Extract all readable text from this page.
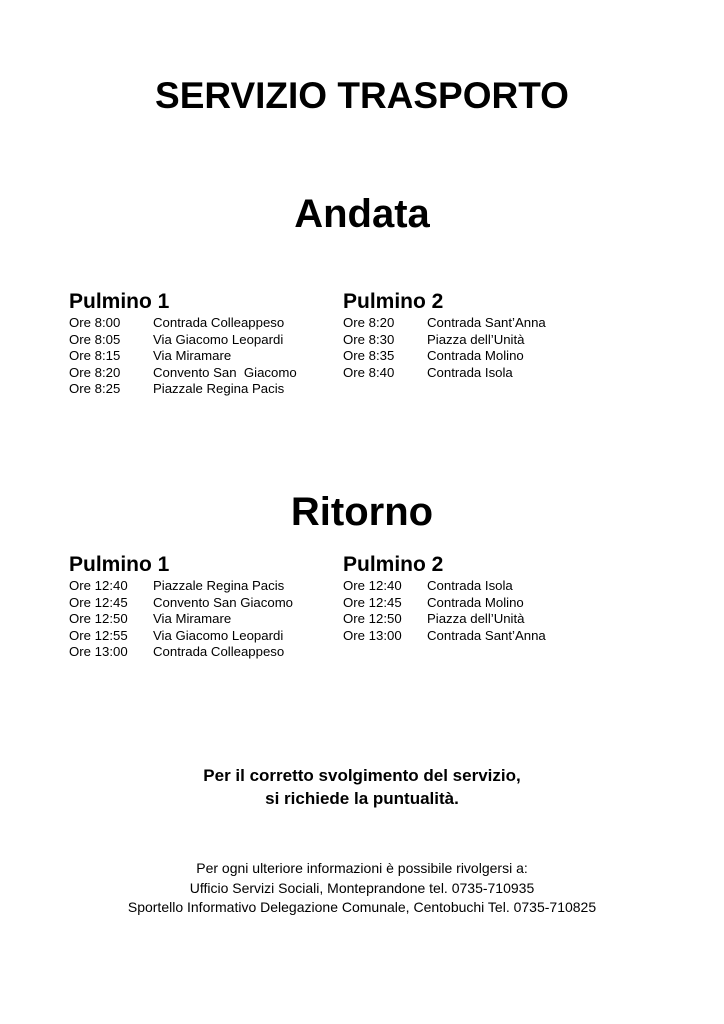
SERVIZIO TRASPORTO
Andata
Pulmino 1
Ore 8:00	Contrada Colleappeso
Ore 8:05	Via Giacomo Leopardi
Ore 8:15	Via Miramare
Ore 8:20	Convento San  Giacomo
Ore 8:25	Piazzale Regina Pacis
Pulmino 2
Ore 8:20	Contrada Sant’Anna
Ore 8:30	Piazza dell’Unità
Ore 8:35	Contrada Molino
Ore 8:40	Contrada Isola
Ritorno
Pulmino 1
Ore 12:40	Piazzale Regina Pacis
Ore 12:45	Convento San Giacomo
Ore 12:50	Via Miramare
Ore 12:55	Via Giacomo Leopardi
Ore 13:00	Contrada Colleappeso
Pulmino 2
Ore 12:40	Contrada Isola
Ore 12:45	Contrada Molino
Ore 12:50	Piazza dell’Unità
Ore 13:00	Contrada Sant’Anna
Per il corretto svolgimento del servizio,
si richiede la puntualità.
Per ogni ulteriore informazioni è possibile rivolgersi a:
Ufficio Servizi Sociali, Monteprandone tel. 0735-710935
Sportello Informativo Delegazione Comunale, Centobuchi Tel. 0735-710825
